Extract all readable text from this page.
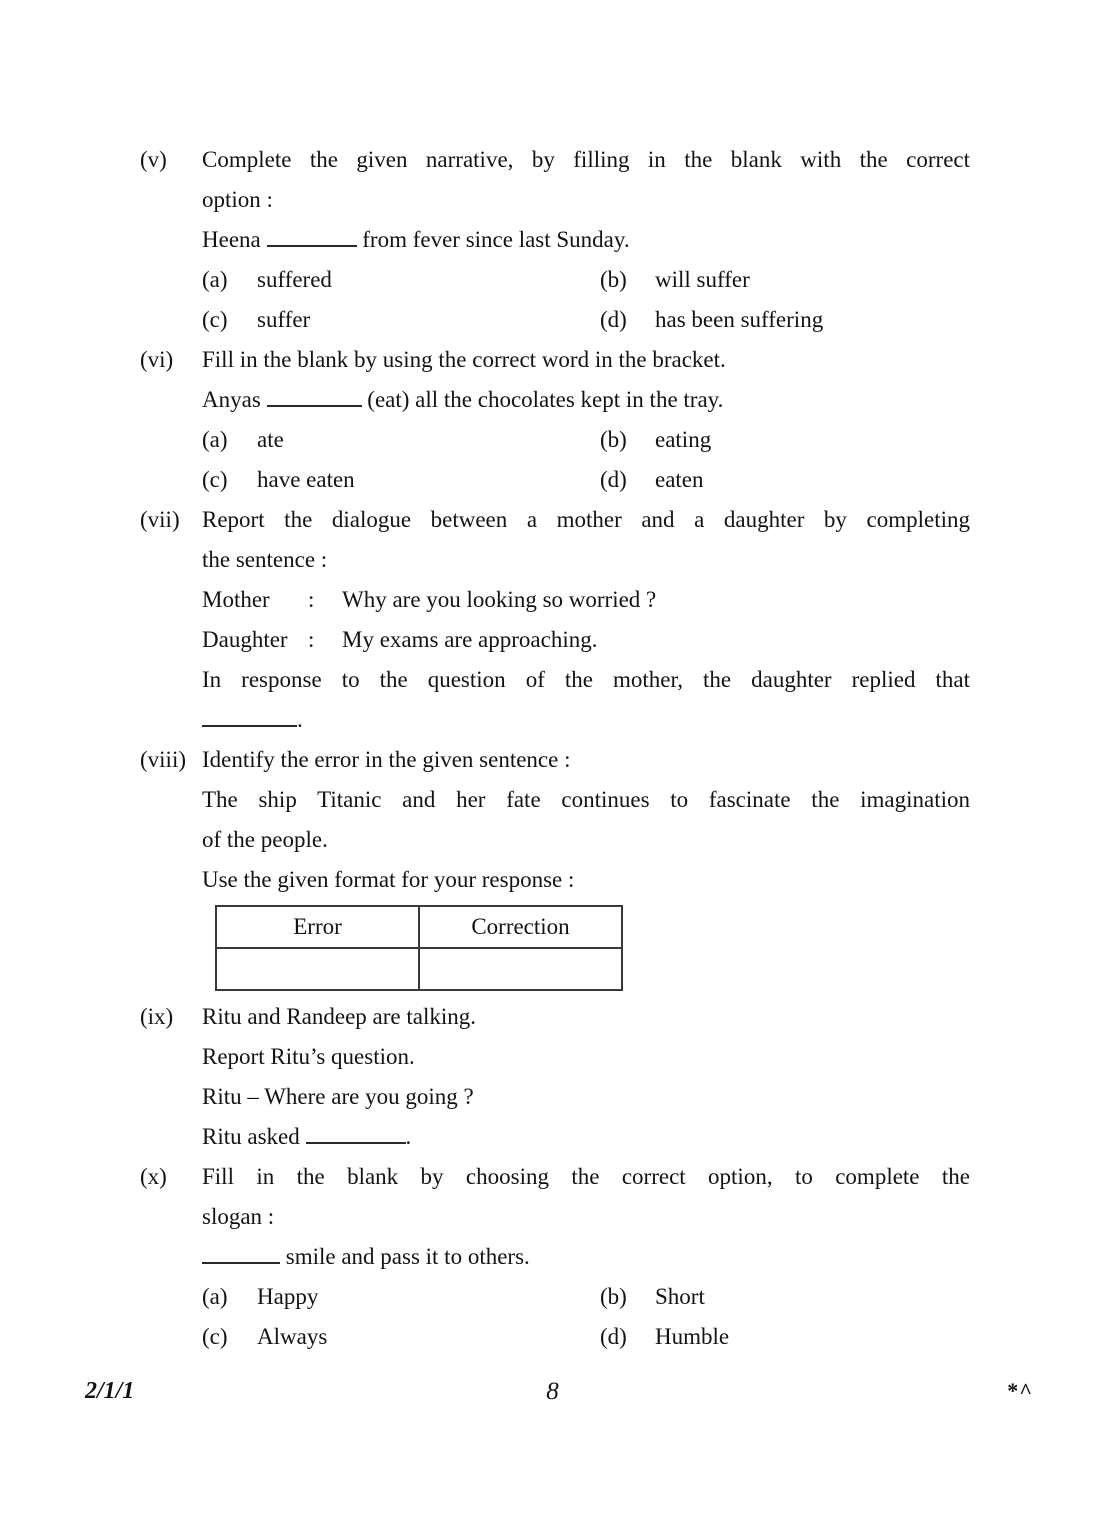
(v)	Complete the given narrative, by filling in the blank with the correct
option :
Heena	from fever since last Sunday.
(a)	suffered	(b)	will suffer
(c)	suffer	(d)	has been suffering
(vi)	Fill in the blank by using the correct word in the bracket.
Anyas	(eat) all the chocolates kept in the tray.
(a)	ate	(b)	eating
(c)	have eaten	(d)	eaten
(vii) Report the dialogue between a mother and a daughter by completing
the sentence :
Mother : Why are you looking so worried ?
Daughter : My exams are approaching.
In response to the question of the mother, the daughter replied that
.
(viii) Identify the error in the given sentence :
The ship Titanic and her fate continues to fascinate the imagination
of the people.
Use the given format for your response :
Error	Correction

(ix)	Ritu and Randeep are talking.
Report Ritu’s question.
Ritu – Where are you going ?
Ritu asked	.
(x)	Fill in the blank by choosing the correct option, to complete the
slogan :
smile and pass it to others.
(a)	Happy	(b)	Short
(c)	Always	(d)	Humble
2/1/1	8	*^
